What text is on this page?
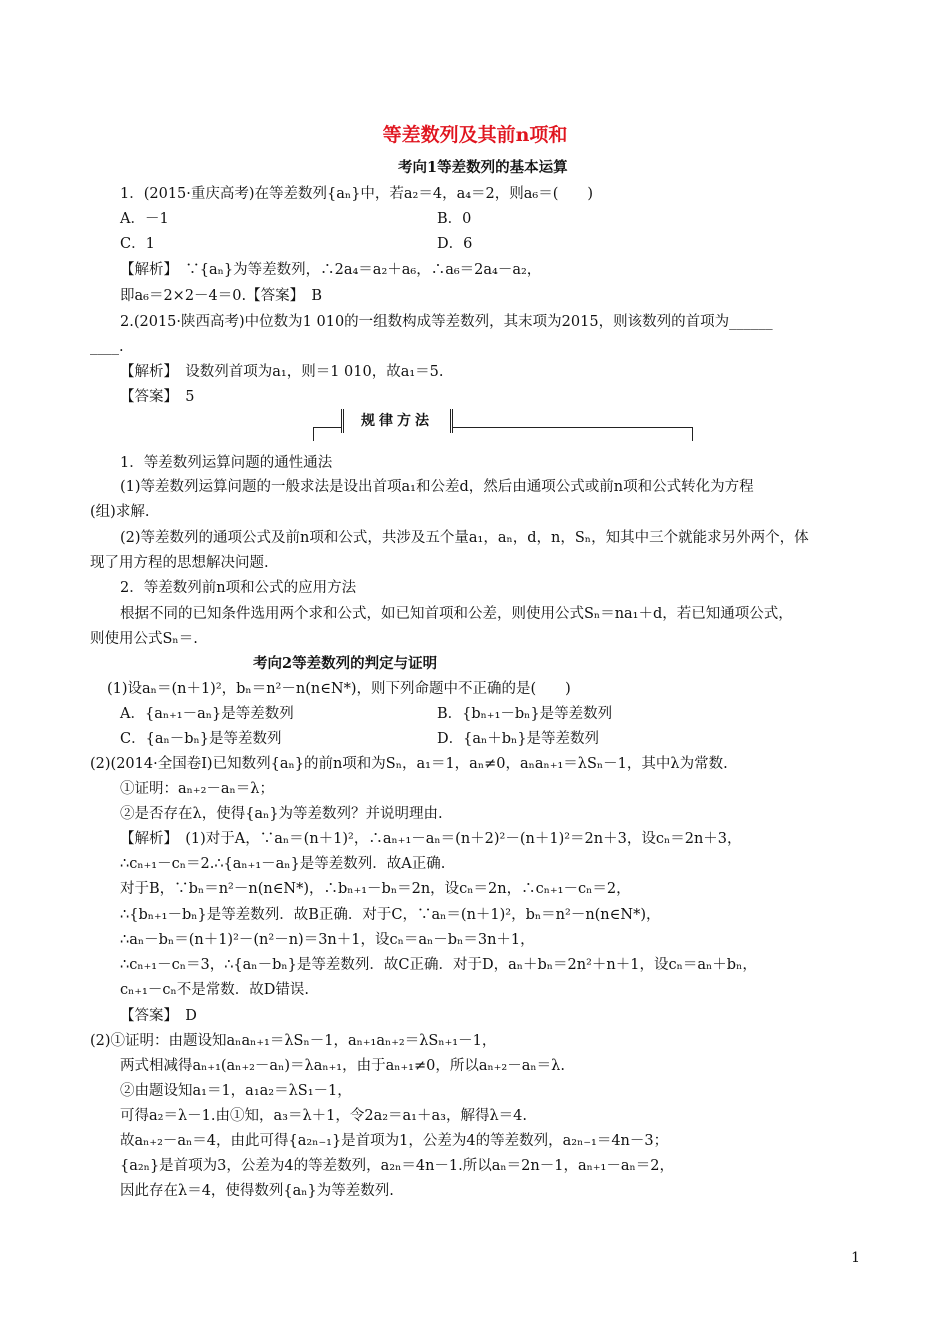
等差数列及其前n项和
考向1等差数列的基本运算
1．(2015·重庆高考)在等差数列{aₙ}中，若a₂＝4，a₄＝2，则a₆＝(　　)
A．－1	B．0
C．1	D．6
【解析】　∵{aₙ}为等差数列，∴2a₄＝a₂＋a₆，∴a₆＝2a₄－a₂，
即a₆＝2×2－4＝0.【答案】　B
2.(2015·陕西高考)中位数为1 010的一组数构成等差数列，其末项为2015，则该数列的首项为______
____.
【解析】　设数列首项为a₁，则＝1 010，故a₁＝5.
【答案】　5
1．等差数列运算问题的通性通法
(1)等差数列运算问题的一般求法是设出首项a₁和公差d，然后由通项公式或前n项和公式转化为方程
(组)求解.
(2)等差数列的通项公式及前n项和公式，共涉及五个量a₁，aₙ，d，n，Sₙ，知其中三个就能求另外两个，体
现了用方程的思想解决问题.
2．等差数列前n项和公式的应用方法
根据不同的已知条件选用两个求和公式，如已知首项和公差，则使用公式Sₙ＝na₁＋d，若已知通项公式，
则使用公式Sₙ＝.
考向2等差数列的判定与证明
(1)设aₙ＝(n＋1)²，bₙ＝n²－n(n∈N*)，则下列命题中不正确的是(　　)
A．{aₙ₊₁－aₙ}是等差数列	B．{bₙ₊₁－bₙ}是等差数列
C．{aₙ－bₙ}是等差数列	D．{aₙ＋bₙ}是等差数列
(2)(2014·全国卷Ⅰ)已知数列{aₙ}的前n项和为Sₙ，a₁＝1，aₙ≠0，aₙaₙ₊₁＝λSₙ－1，其中λ为常数.
①证明：aₙ₊₂－aₙ＝λ；
②是否存在λ，使得{aₙ}为等差数列？并说明理由.
【解析】　(1)对于A，∵aₙ＝(n＋1)²，∴aₙ₊₁－aₙ＝(n＋2)²－(n＋1)²＝2n＋3，设cₙ＝2n＋3，
∴cₙ₊₁－cₙ＝2.∴{aₙ₊₁－aₙ}是等差数列．故A正确.
对于B，∵bₙ＝n²－n(n∈N*)，∴bₙ₊₁－bₙ＝2n，设cₙ＝2n，∴cₙ₊₁－cₙ＝2，
∴{bₙ₊₁－bₙ}是等差数列．故B正确．对于C，∵aₙ＝(n＋1)²，bₙ＝n²－n(n∈N*)，
∴aₙ－bₙ＝(n＋1)²－(n²－n)＝3n＋1，设cₙ＝aₙ－bₙ＝3n＋1，
∴cₙ₊₁－cₙ＝3，∴{aₙ－bₙ}是等差数列．故C正确．对于D，aₙ＋bₙ＝2n²＋n＋1，设cₙ＝aₙ＋bₙ，
cₙ₊₁－cₙ不是常数．故D错误.
【答案】　D
(2)①证明：由题设知aₙaₙ₊₁＝λSₙ－1，aₙ₊₁aₙ₊₂＝λSₙ₊₁－1，
两式相减得aₙ₊₁(aₙ₊₂－aₙ)＝λaₙ₊₁，由于aₙ₊₁≠0，所以aₙ₊₂－aₙ＝λ.
②由题设知a₁＝1，a₁a₂＝λS₁－1，
可得a₂＝λ－1.由①知，a₃＝λ＋1，令2a₂＝a₁＋a₃，解得λ＝4.
故aₙ₊₂－aₙ＝4，由此可得{a₂ₙ₋₁}是首项为1，公差为4的等差数列，a₂ₙ₋₁＝4n－3；
{a₂ₙ}是首项为3，公差为4的等差数列，a₂ₙ＝4n－1.所以aₙ＝2n－1，aₙ₊₁－aₙ＝2，
因此存在λ＝4，使得数列{aₙ}为等差数列.
规律方法
1
